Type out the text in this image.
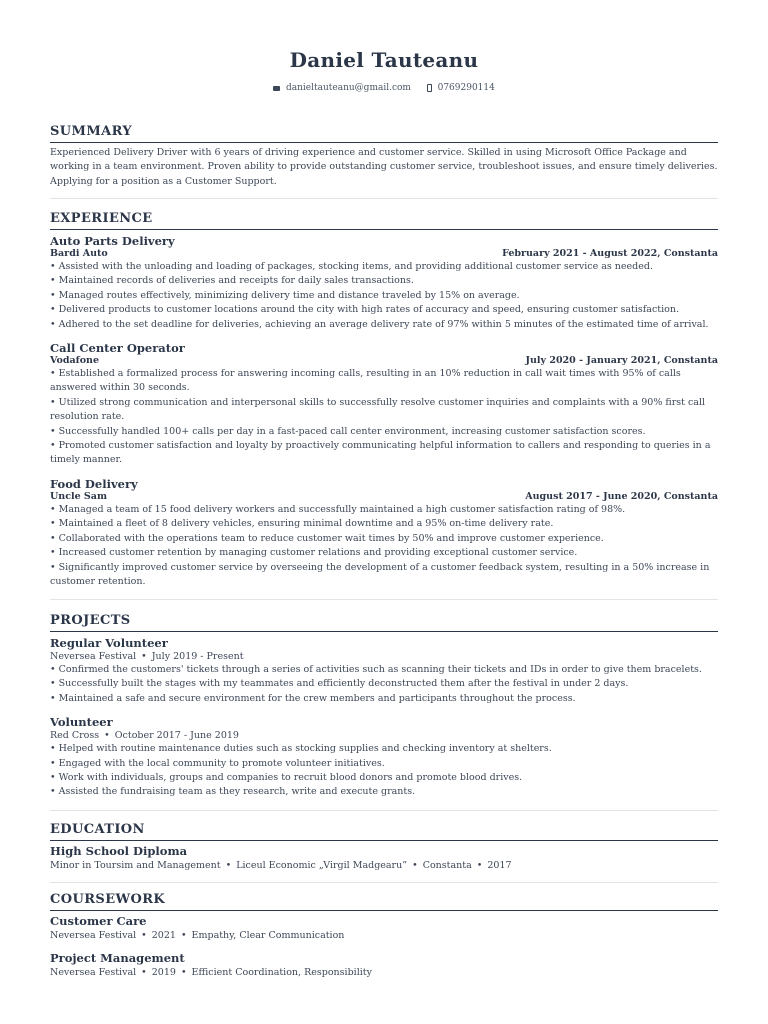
Daniel Tauteanu
danieltauteanu@gmail.com	0769290114
SUMMARY
Experienced Delivery Driver with 6 years of driving experience and customer service. Skilled in using Microsoft Office Package and working in a team environment. Proven ability to provide outstanding customer service, troubleshoot issues, and ensure timely deliveries. Applying for a position as a Customer Support.
EXPERIENCE
Auto Parts Delivery
Bardi Auto	February 2021 - August 2022, Constanta
• Assisted with the unloading and loading of packages, stocking items, and providing additional customer service as needed.
• Maintained records of deliveries and receipts for daily sales transactions.
• Managed routes effectively, minimizing delivery time and distance traveled by 15% on average.
• Delivered products to customer locations around the city with high rates of accuracy and speed, ensuring customer satisfaction.
• Adhered to the set deadline for deliveries, achieving an average delivery rate of 97% within 5 minutes of the estimated time of arrival.
Call Center Operator
Vodafone	July 2020 - January 2021, Constanta
• Established a formalized process for answering incoming calls, resulting in an 10% reduction in call wait times with 95% of calls answered within 30 seconds.
• Utilized strong communication and interpersonal skills to successfully resolve customer inquiries and complaints with a 90% first call resolution rate.
• Successfully handled 100+ calls per day in a fast-paced call center environment, increasing customer satisfaction scores.
• Promoted customer satisfaction and loyalty by proactively communicating helpful information to callers and responding to queries in a timely manner.
Food Delivery
Uncle Sam	August 2017 - June 2020, Constanta
• Managed a team of 15 food delivery workers and successfully maintained a high customer satisfaction rating of 98%.
• Maintained a fleet of 8 delivery vehicles, ensuring minimal downtime and a 95% on-time delivery rate.
• Collaborated with the operations team to reduce customer wait times by 50% and improve customer experience.
• Increased customer retention by managing customer relations and providing exceptional customer service.
• Significantly improved customer service by overseeing the development of a customer feedback system, resulting in a 50% increase in customer retention.
PROJECTS
Regular Volunteer
Neversea Festival • July 2019 - Present
• Confirmed the customers' tickets through a series of activities such as scanning their tickets and IDs in order to give them bracelets.
• Successfully built the stages with my teammates and efficiently deconstructed them after the festival in under 2 days.
• Maintained a safe and secure environment for the crew members and participants throughout the process.
Volunteer
Red Cross • October 2017 - June 2019
• Helped with routine maintenance duties such as stocking supplies and checking inventory at shelters.
• Engaged with the local community to promote volunteer initiatives.
• Work with individuals, groups and companies to recruit blood donors and promote blood drives.
• Assisted the fundraising team as they research, write and execute grants.
EDUCATION
High School Diploma
Minor in Toursim and Management • Liceul Economic „Virgil Madgearu” • Constanta • 2017
COURSEWORK
Customer Care
Neversea Festival • 2021 • Empathy, Clear Communication
Project Management
Neversea Festival • 2019 • Efficient Coordination, Responsibility
